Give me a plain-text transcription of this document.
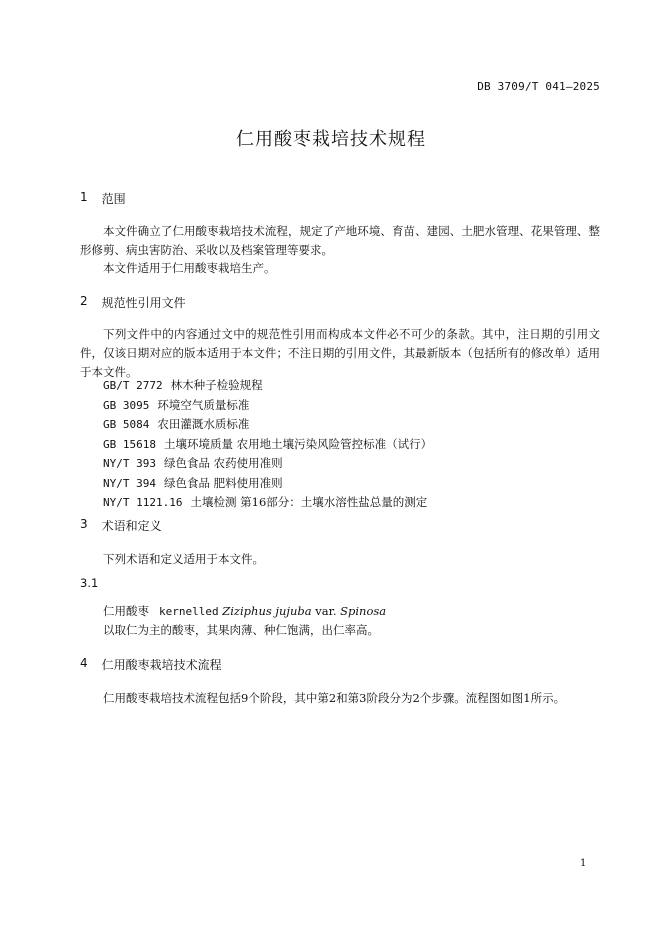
DB 3709/T 041—2025
仁用酸枣栽培技术规程
1 范围
本文件确立了仁用酸枣栽培技术流程，规定了产地环境、育苗、建园、土肥水管理、花果管理、整形修剪、病虫害防治、采收以及档案管理等要求。
本文件适用于仁用酸枣栽培生产。
2 规范性引用文件
下列文件中的内容通过文中的规范性引用而构成本文件必不可少的条款。其中，注日期的引用文件，仅该日期对应的版本适用于本文件；不注日期的引用文件，其最新版本（包括所有的修改单）适用于本文件。
GB/T 2772 林木种子检验规程
GB 3095 环境空气质量标准
GB 5084 农田灌溉水质标准
GB 15618 土壤环境质量 农用地土壤污染风险管控标准（试行）
NY/T 393 绿色食品 农药使用准则
NY/T 394 绿色食品 肥料使用准则
NY/T 1121.16 土壤检测 第16部分：土壤水溶性盐总量的测定
3 术语和定义
下列术语和定义适用于本文件。
3.1
仁用酸枣 kernelled Ziziphus jujuba var. Spinosa
以取仁为主的酸枣，其果肉薄、种仁饱满，出仁率高。
4 仁用酸枣栽培技术流程
仁用酸枣栽培技术流程包括9个阶段，其中第2和第3阶段分为2个步骤。流程图如图1所示。
1
